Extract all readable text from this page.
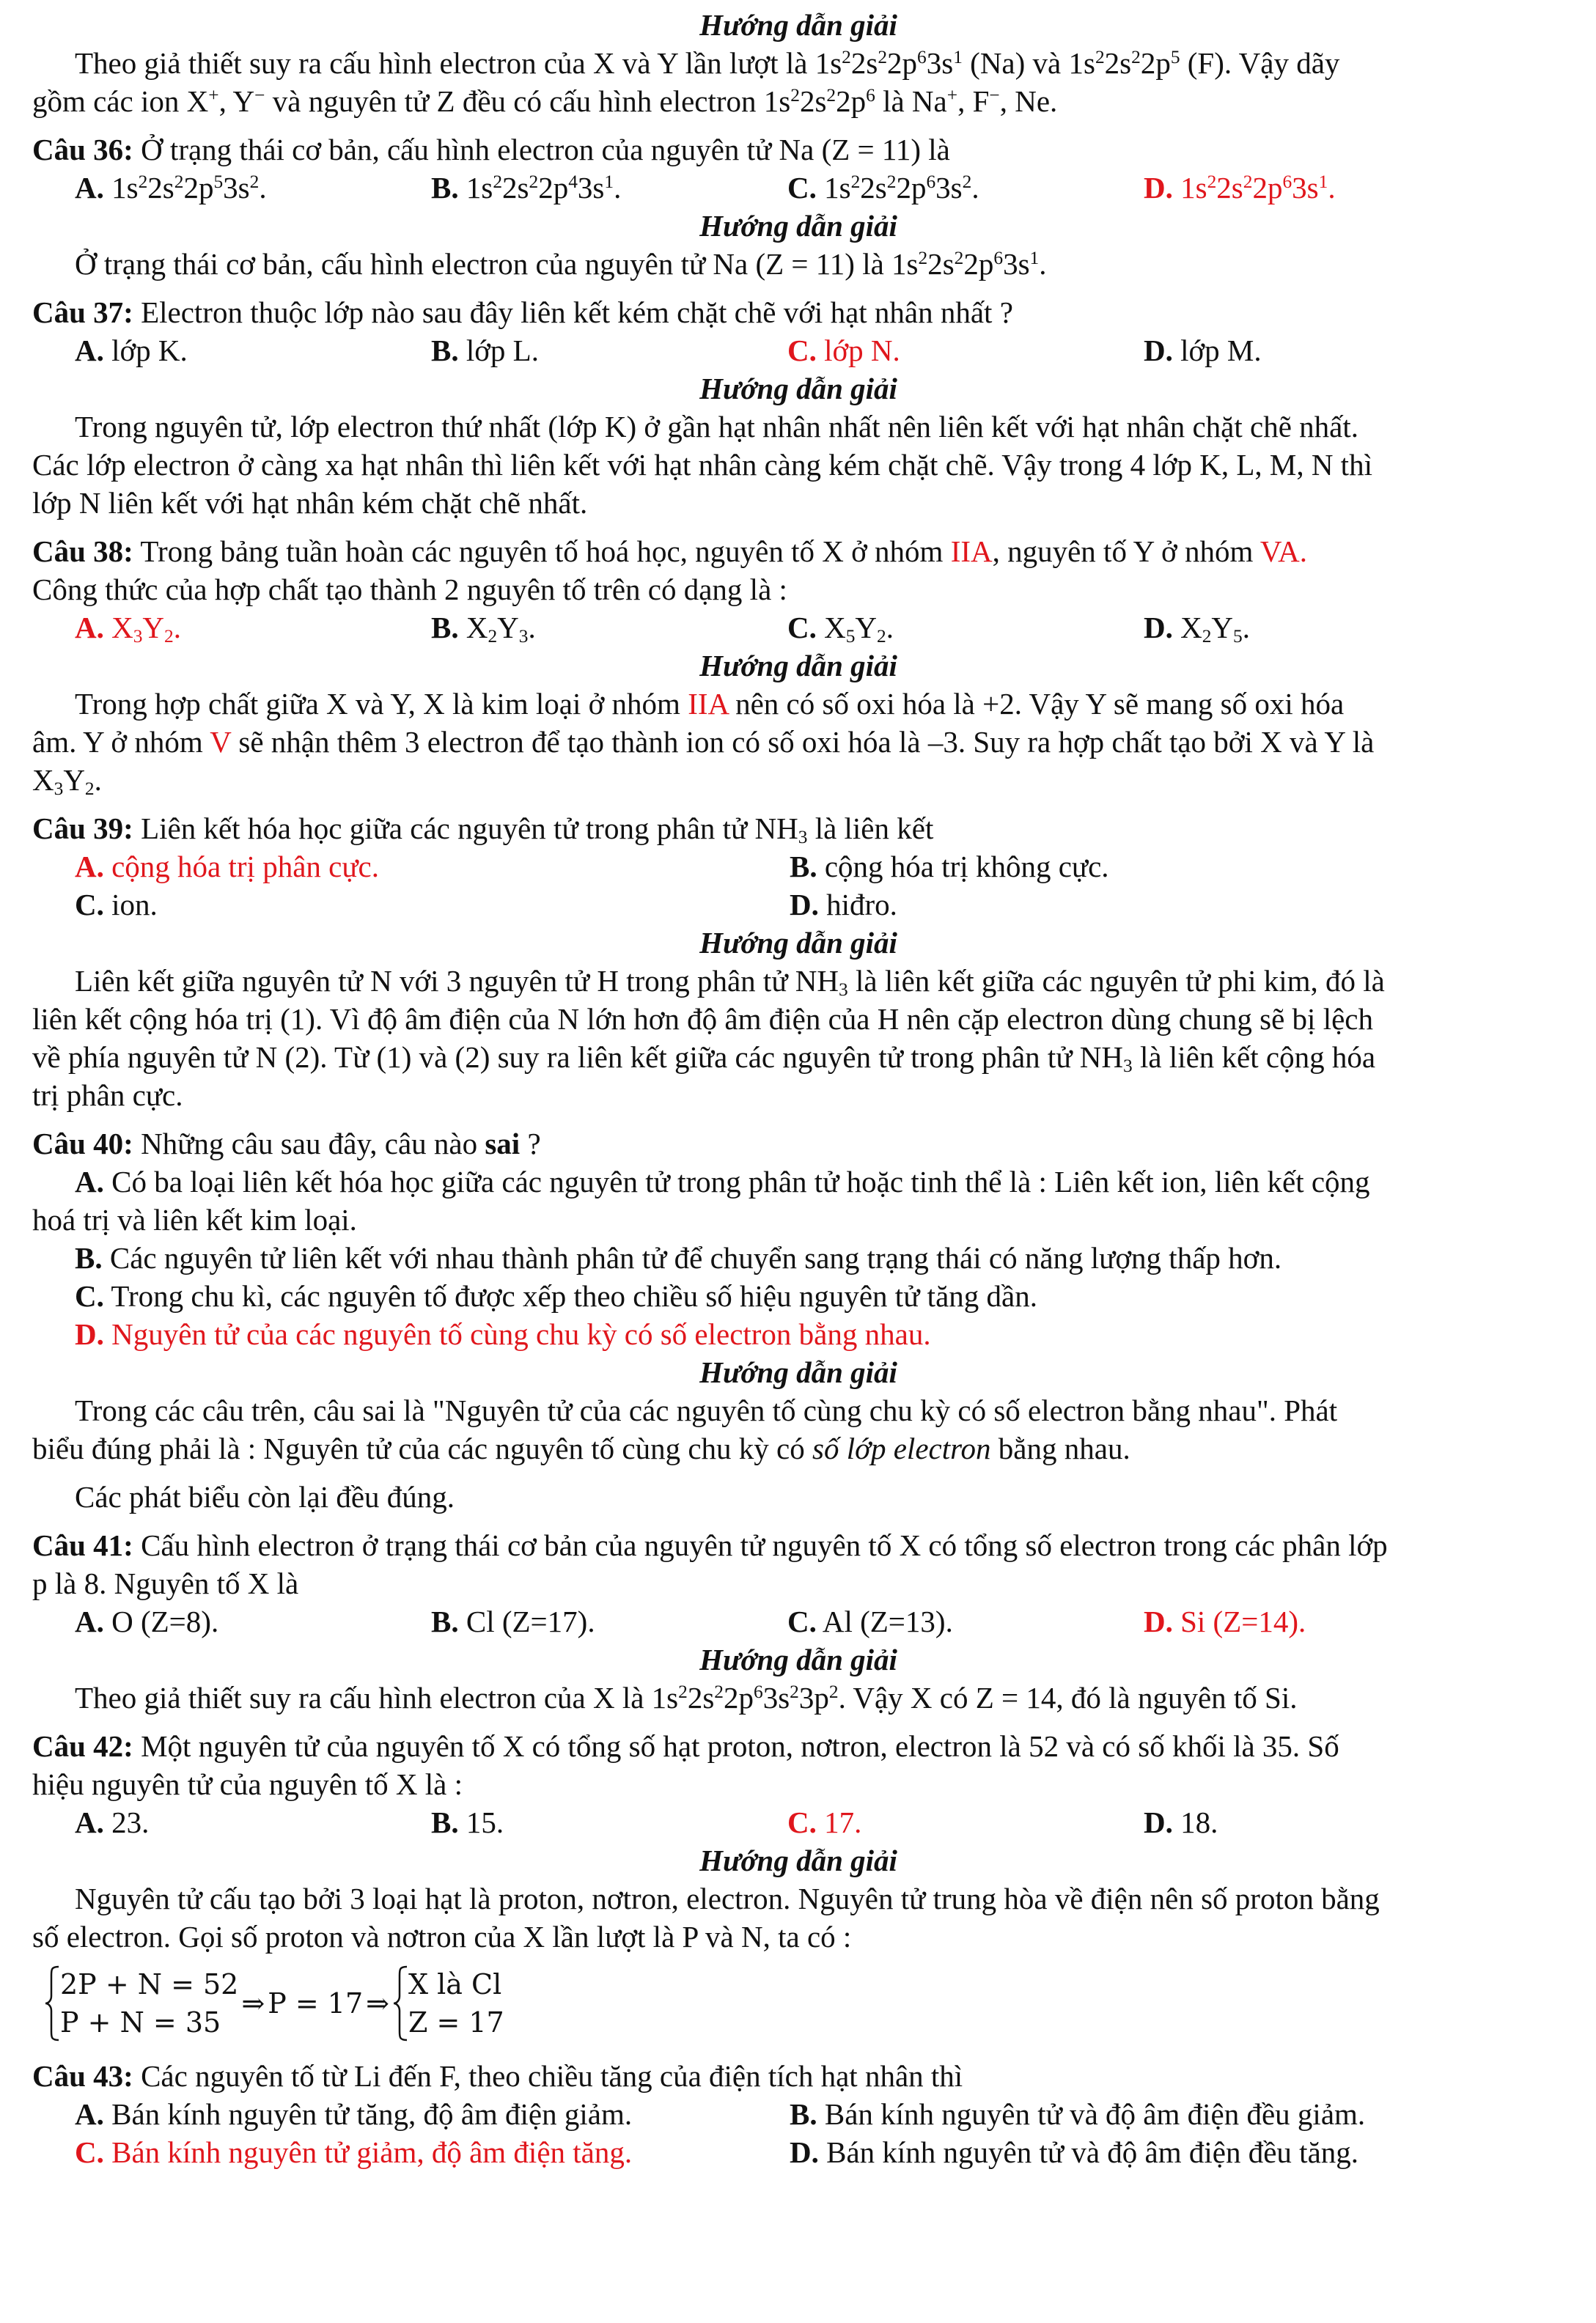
Hướng dẫn giải
Theo giả thiết suy ra cấu hình electron của X và Y lần lượt là $1s^22s^22p^63s^1$ (Na) và $1s^22s^22p^5$ (F). Vậy dãy
gồm các ion X+, Y− và nguyên tử Z đều có cấu hình electron $1s^22s^22p^6$ là Na+, F−, Ne.
Câu 36: Ở trạng thái cơ bản, cấu hình electron của nguyên tử Na (Z = 11) là
A. $1s^22s^22p^53s^2$.	B. $1s^22s^22p^43s^1$.	C. $1s^22s^22p^63s^2$.	D. $1s^22s^22p^63s^1$.
Hướng dẫn giải
Ở trạng thái cơ bản, cấu hình electron của nguyên tử Na (Z = 11) là $1s^22s^22p^63s^1$.
Câu 37: Electron thuộc lớp nào sau đây liên kết kém chặt chẽ với hạt nhân nhất ?
A. lớp K.	B. lớp L.	C. lớp N.	D. lớp M.
Hướng dẫn giải
Trong nguyên tử, lớp electron thứ nhất (lớp K) ở gần hạt nhân nhất nên liên kết với hạt nhân chặt chẽ nhất.
Các lớp electron ở càng xa hạt nhân thì liên kết với hạt nhân càng kém chặt chẽ. Vậy trong 4 lớp K, L, M, N thì
lớp N liên kết với hạt nhân kém chặt chẽ nhất.
Câu 38: Trong bảng tuần hoàn các nguyên tố hoá học, nguyên tố X ở nhóm IIA, nguyên tố Y ở nhóm VA.
Công thức của hợp chất tạo thành 2 nguyên tố trên có dạng là :
A. $X_3Y_2$.	B. $X_2Y_3$.	C. $X_5Y_2$.	D. $X_2Y_5$.
Hướng dẫn giải
Trong hợp chất giữa X và Y, X là kim loại ở nhóm IIA nên có số oxi hóa là +2. Vậy Y sẽ mang số oxi hóa
âm. Y ở nhóm V sẽ nhận thêm 3 electron để tạo thành ion có số oxi hóa là –3. Suy ra hợp chất tạo bởi X và Y là
$X_3Y_2$.
Câu 39: Liên kết hóa học giữa các nguyên tử trong phân tử $NH_3$ là liên kết
A. cộng hóa trị phân cực.	B. cộng hóa trị không cực.
C. ion.	D. hiđro.
Hướng dẫn giải
Liên kết giữa nguyên tử N với 3 nguyên tử H trong phân tử $NH_3$ là liên kết giữa các nguyên tử phi kim, đó là
liên kết cộng hóa trị (1). Vì độ âm điện của N lớn hơn độ âm điện của H nên cặp electron dùng chung sẽ bị lệch
về phía nguyên tử N (2). Từ (1) và (2) suy ra liên kết giữa các nguyên tử trong phân tử $NH_3$ là liên kết cộng hóa
trị phân cực.
Câu 40: Những câu sau đây, câu nào sai ?
A. Có ba loại liên kết hóa học giữa các nguyên tử trong phân tử hoặc tinh thể là : Liên kết ion, liên kết cộng
hoá trị và liên kết kim loại.
B. Các nguyên tử liên kết với nhau thành phân tử để chuyển sang trạng thái có năng lượng thấp hơn.
C. Trong chu kì, các nguyên tố được xếp theo chiều số hiệu nguyên tử tăng dần.
D. Nguyên tử của các nguyên tố cùng chu kỳ có số electron bằng nhau.
Hướng dẫn giải
Trong các câu trên, câu sai là "Nguyên tử của các nguyên tố cùng chu kỳ có số electron bằng nhau". Phát
biểu đúng phải là : Nguyên tử của các nguyên tố cùng chu kỳ có số lớp electron bằng nhau.
Các phát biểu còn lại đều đúng.
Câu 41: Cấu hình electron ở trạng thái cơ bản của nguyên tử nguyên tố X có tổng số electron trong các phân lớp
p là 8. Nguyên tố X là
A. O (Z=8).	B. Cl (Z=17).	C. Al (Z=13).	D. Si (Z=14).
Hướng dẫn giải
Theo giả thiết suy ra cấu hình electron của X là $1s^22s^22p^63s^23p^2$. Vậy X có Z = 14, đó là nguyên tố Si.
Câu 42: Một nguyên tử của nguyên tố X có tổng số hạt proton, nơtron, electron là 52 và có số khối là 35. Số
hiệu nguyên tử của nguyên tố X là :
A. 23.	B. 15.	C. 17.	D. 18.
Hướng dẫn giải
Nguyên tử cấu tạo bởi 3 loại hạt là proton, nơtron, electron. Nguyên tử trung hòa về điện nên số proton bằng
số electron. Gọi số proton và nơtron của X lần lượt là P và N, ta có :
2P + N = 52
P + N = 35
⇒ P = 17 ⇒
X là Cl
Z = 17
Câu 43: Các nguyên tố từ Li đến F, theo chiều tăng của điện tích hạt nhân thì
A. Bán kính nguyên tử tăng, độ âm điện giảm.	B. Bán kính nguyên tử và độ âm điện đều giảm.
C. Bán kính nguyên tử giảm, độ âm điện tăng.	D. Bán kính nguyên tử và độ âm điện đều tăng.
